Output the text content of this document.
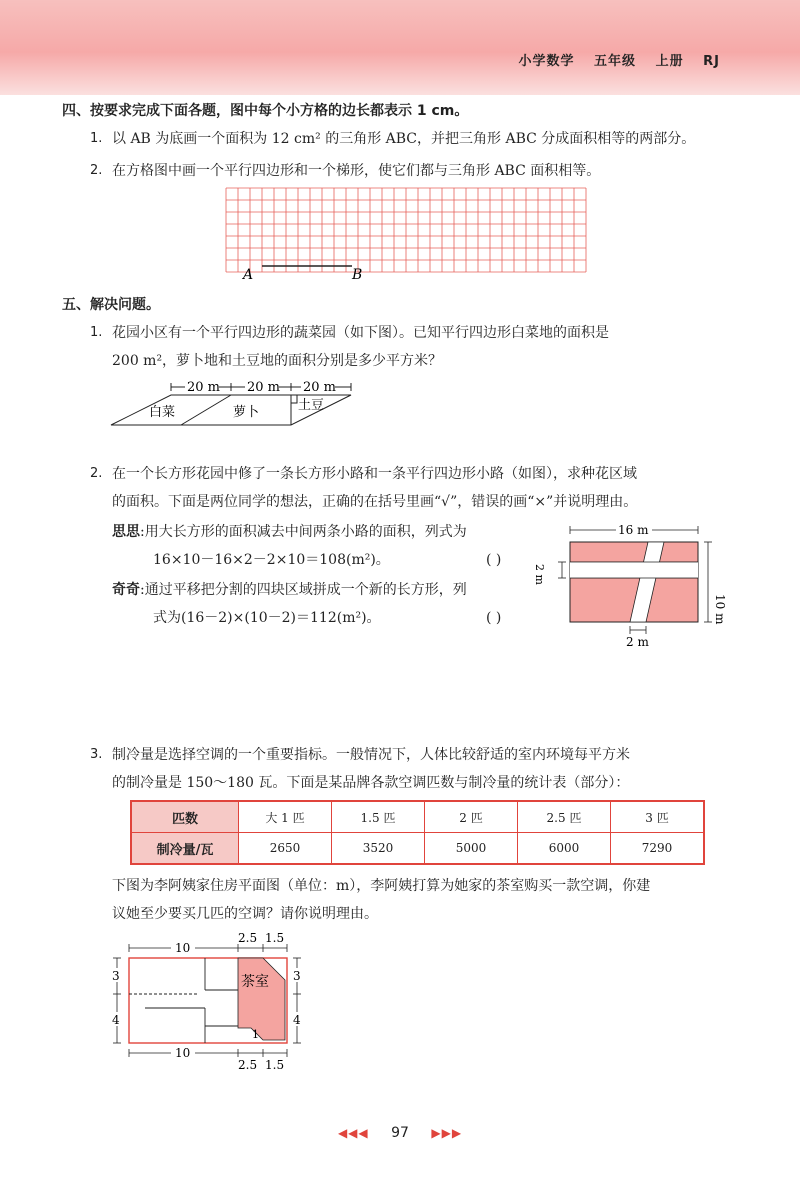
小学数学 五年级 上册 RJ
四、按要求完成下面各题，图中每个小方格的边长都表示 1 cm。
1. 以 AB 为底画一个面积为 12 cm² 的三角形 ABC，并把三角形 ABC 分成面积相等的两部分。
2. 在方格图中画一个平行四边形和一个梯形，使它们都与三角形 ABC 面积相等。
A	B
五、解决问题。
1. 花园小区有一个平行四边形的蔬菜园（如下图）。已知平行四边形白菜地的面积是
200 m²，萝卜地和土豆地的面积分别是多少平方米？
20 m 20 m 20 m
白菜	萝卜	土豆
2. 在一个长方形花园中修了一条长方形小路和一条平行四边形小路（如图），求种花区域
的面积。下面是两位同学的想法，正确的在括号里画“√”，错误的画“×”并说明理由。
思思:用大长方形的面积减去中间两条小路的面积，列式为
16×10－16×2－2×10＝108(m²)。	( )
奇奇:通过平移把分割的四块区域拼成一个新的长方形，列
式为(16－2)×(10－2)＝112(m²)。	( )
16 m
10 m
2 m
2 m
3. 制冷量是选择空调的一个重要指标。一般情况下，人体比较舒适的室内环境每平方米
的制冷量是 150～180 瓦。下面是某品牌各款空调匹数与制冷量的统计表（部分）：
匹数	大 1 匹	1.5 匹	2 匹	2.5 匹	3 匹
制冷量/瓦	2650	3520	5000	6000	7290
下图为李阿姨家住房平面图（单位：m），李阿姨打算为她家的茶室购买一款空调，你建
议她至少要买几匹的空调？请你说明理由。
10
2.5 1.5
10
2.5 1.5
3
4
3
4
1
茶室
◀◀◀ 97 ▶▶▶
